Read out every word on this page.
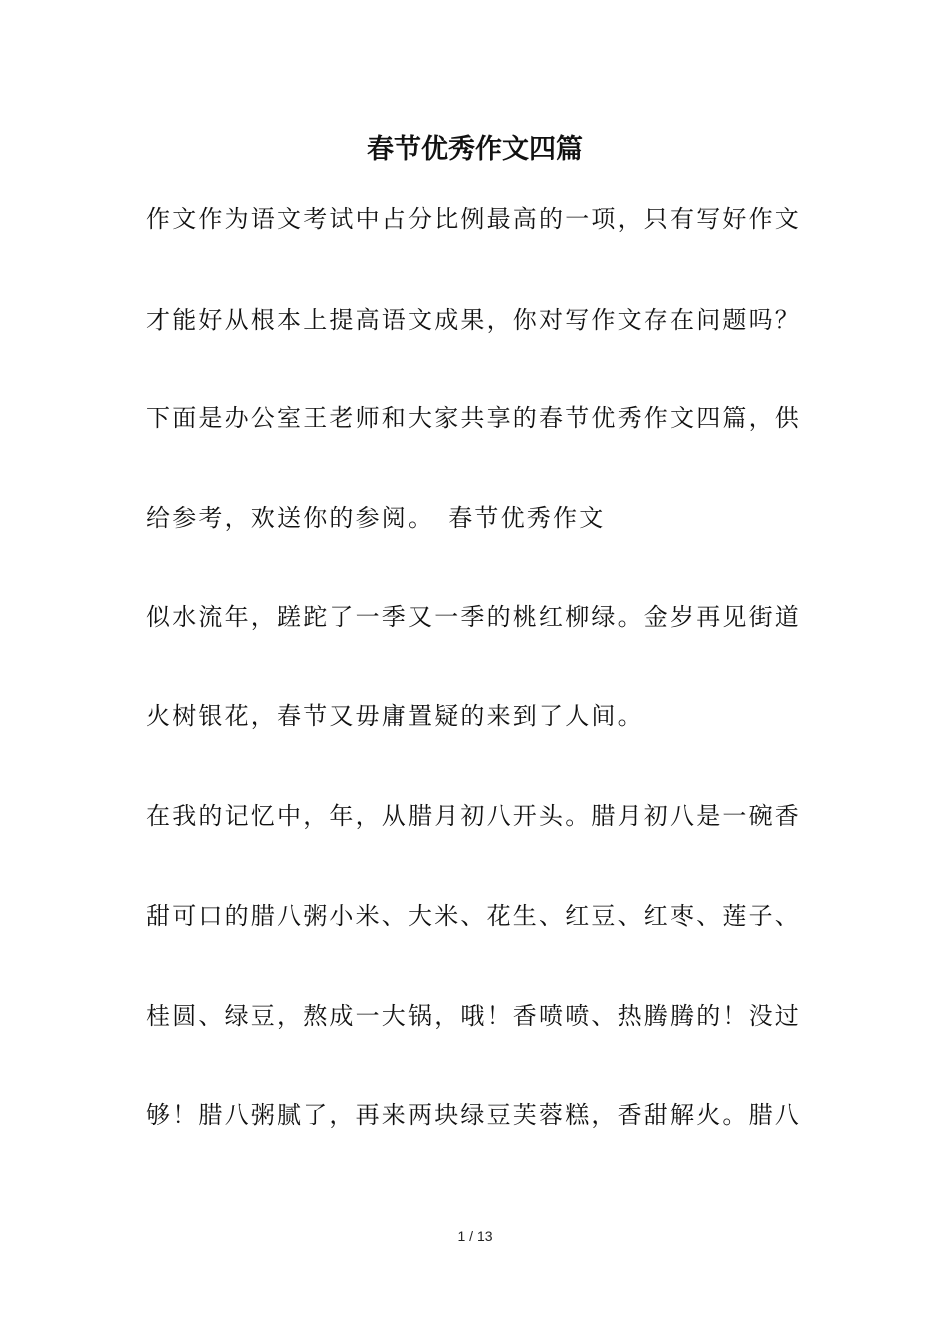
春节优秀作文四篇

作文作为语文考试中占分比例最高的一项，只有写好作文

才能好从根本上提高语文成果，你对写作文存在问题吗？

下面是办公室王老师和大家共享的春节优秀作文四篇，供

给参考，欢送你的参阅。 春节优秀作文

似水流年，蹉跎了一季又一季的桃红柳绿。金岁再见街道

火树银花，春节又毋庸置疑的来到了人间。

在我的记忆中，年，从腊月初八开头。腊月初八是一碗香

甜可口的腊八粥小米、大米、花生、红豆、红枣、莲子、

桂圆、绿豆，熬成一大锅，哦！香喷喷、热腾腾的！没过

够！腊八粥腻了，再来两块绿豆芙蓉糕，香甜解火。腊八

1 / 13
